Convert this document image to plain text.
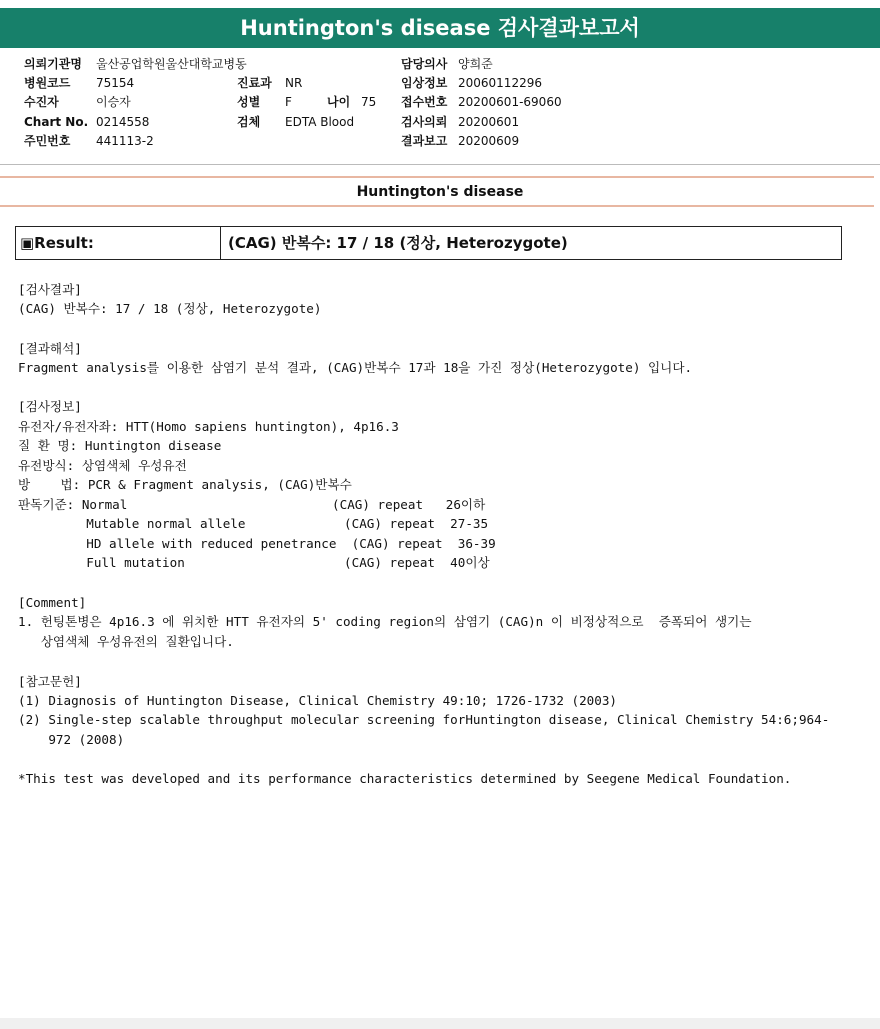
Huntington's disease 검사결과보고서
의뢰기관명 울산공업학원울산대학교병동	담당의사 양희준
병원코드 75154	진료과 NR	임상정보 20060112296
수진자	이승자	성별 F	나이 75 접수번호 20200601-69060
Chart No. 0214558	검체 EDTA Blood	검사의뢰 20200601
주민번호 441113-2	결과보고 20200609
Huntington's disease
▣Result:	(CAG) 반복수: 17 / 18 (정상, Heterozygote)
[검사결과]
(CAG) 반복수: 17 / 18 (정상, Heterozygote)
[결과해석]
Fragment analysis를 이용한 삼염기 분석 결과, (CAG)반복수 17과 18을 가진 정상(Heterozygote) 입니다.
[검사정보]
유전자/유전자좌: HTT(Homo sapiens huntington), 4p16.3
질 환 명: Huntington disease
유전방식: 상염색체 우성유전
방    법: PCR & Fragment analysis, (CAG)반복수
판독기준: Normal                           (CAG) repeat   26이하
Mutable normal allele             (CAG) repeat  27-35
HD allele with reduced penetrance  (CAG) repeat  36-39
Full mutation                     (CAG) repeat  40이상
[Comment]
1. 헌팅톤병은 4p16.3 에 위치한 HTT 유전자의 5' coding region의 삼염기 (CAG)n 이 비정상적으로  증폭되어 생기는
상염색체 우성유전의 질환입니다.
[참고문헌]
(1) Diagnosis of Huntington Disease, Clinical Chemistry 49:10; 1726-1732 (2003)
(2) Single-step scalable throughput molecular screening forHuntington disease, Clinical Chemistry 54:6;964-
972 (2008)
*This test was developed and its performance characteristics determined by Seegene Medical Foundation.
